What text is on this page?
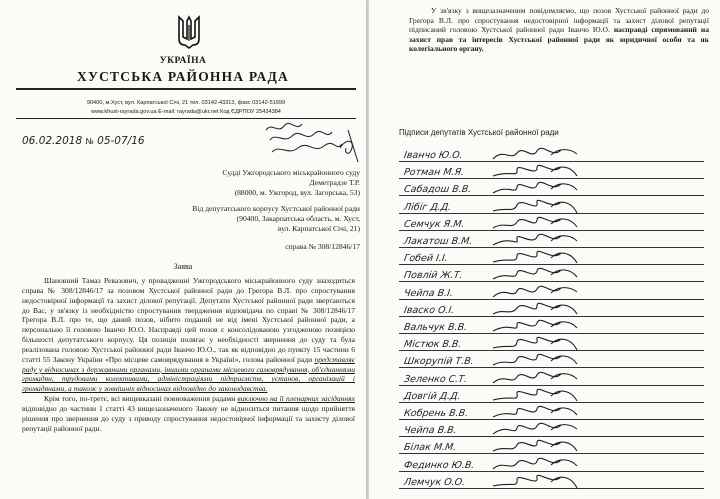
УКРАЇНА
ХУСТСЬКА РАЙОННА РАДА
90400, м.Хуст, вул. Карпатської Січі, 21 тел. 03142-43313, факс 03142-51699
www.khust-rayrada.gov.ua E-mail: rayrada@ukr.net Код ЄДРПОУ 25434384
06.02.2018 № 05-07/16
Судді Ужгородського міськрайонного суду
Деметрадзе Т.Р.
(88000, м. Ужгород, вул. Загорська, 53)
Від депутатського корпусу Хустської районної ради
(90400, Закарпатська область, м. Хуст,
вул. Карпатської Січі, 21)
справа № 308/12846/17
Заява

Шановний Тамаз Ревазович, у провадженні Ужгородського міськрайонного суду знаходиться справа № 308/12846/17 за позовом Хустської районної ради до Грегора В.Л. про спростування недостовірної інформації та захист ділової репутації. Депутати Хустської районної ради звертаються до Вас, у зв'язку із необхідністю спростування твердження відповідача по справі № 308/12846/17 Грегора В.Л. про те, що даний позов, нібито поданий не від імені Хустської районної ради, а персонально її головою Іванчо Ю.О. Насправді цей позов є консолідованою узгодженою позицією більшості депутатського корпусу. Ця позиція полягає у необхідності звернення до суду та була реалізована головою Хустської районної ради Іванчо Ю.О., так як відповідно до пункту 15 частини 6 статті 55 Закону України «Про місцеве самоврядування в Україні», голова районної ради представляє раду у відносинах з державними органами, іншими органами місцевого самоврядування, об'єднаннями громадян, трудовими колективами, адміністраціями підприємств, установ, організацій і громадянами, а також у зовнішніх відносинах відповідно до законодавства.

Крім того, по-третє, всі вищевказані повноваження радами виключно на її пленарних засіданнях відповідно до частини 1 статті 43 вищезазначеного Закону не відноситься питання щодо прийняття рішення про звернення до суду з приводу спростування недостовірної інформації та захисту ділової репутації районної ради.

У зв'язку з вищезазначеним повідомляємо, що позов Хустської районної ради до Грегора В.Л. про спростування недостовірної інформації та захист ділової репутації підписаний головою Хустської районної ради Іванчо Ю.О. насправді спрямований на захист прав та інтересів Хустської районної ради як юридичної особи та як колегіального органу.

Підписи депутатів Хустської районної ради
Іванчо Ю.О.
Ротман М.Я.
Сабадош В.В.
Лібіг Д.Д.
Семчук Я.М.
Лакатош В.М.
Гобей І.І.
Повлій Ж.Т.
Чейпа В.І.
Іваско О.І.
Вальчук В.В.
Містюк В.В.
Шкорупій Т.В.
Зеленко С.Т.
Довгій Д.Д.
Кобрень В.В.
Чейпа В.В.
Білак М.М.
Фединко Ю.В.
Лемчук О.О.
